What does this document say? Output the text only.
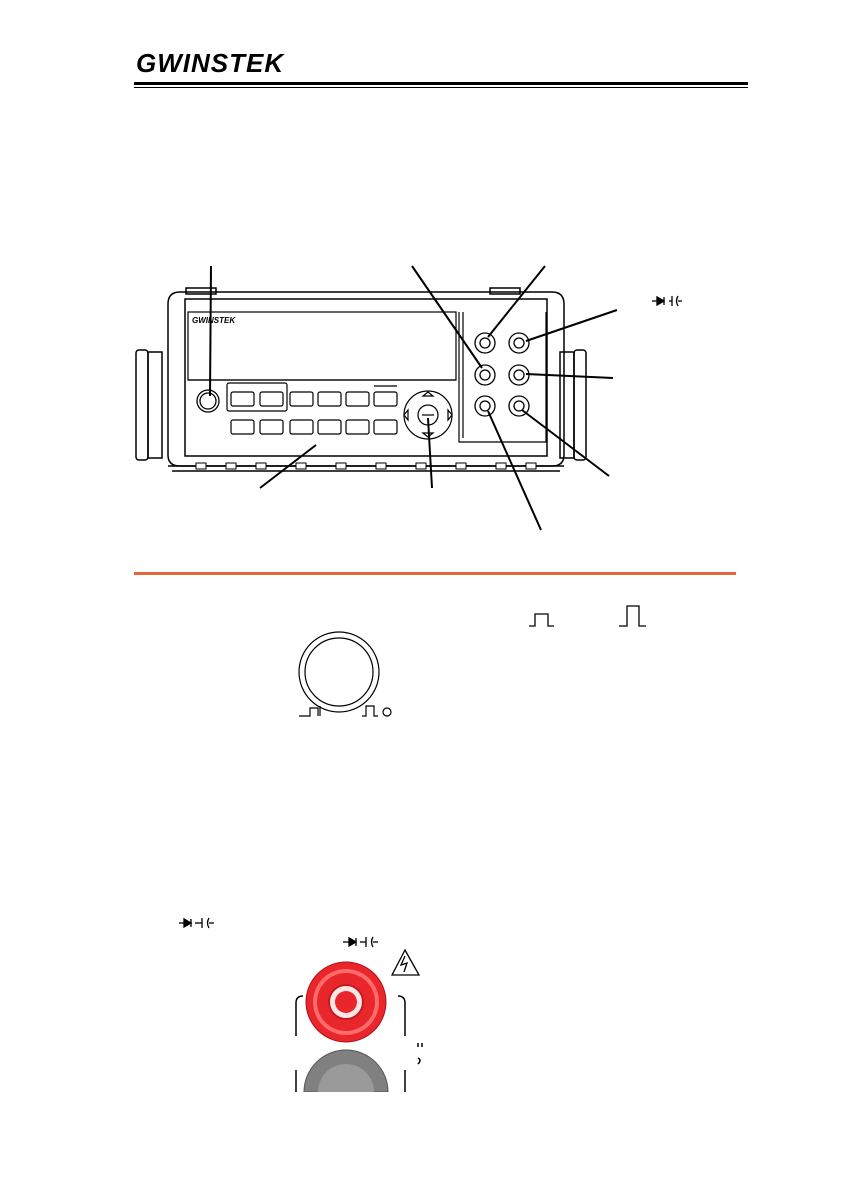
GWINSTEK
GWINSTEK
